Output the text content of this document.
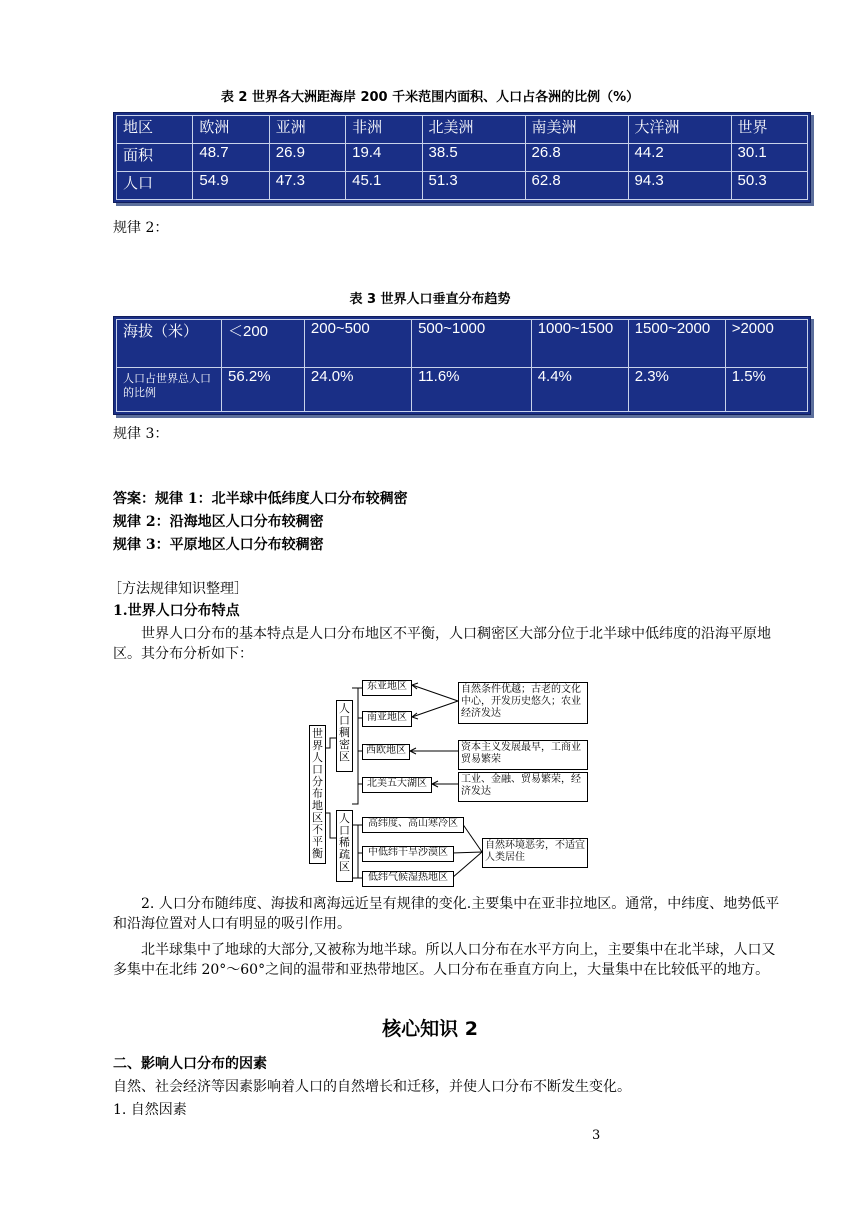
表 2 世界各大洲距海岸 200 千米范围内面积、人口占各洲的比例（%）
地区	欧洲	亚洲	非洲	北美洲	南美洲	大洋洲	世界
面积	48.7	26.9	19.4	38.5	26.8	44.2	30.1
人口	54.9	47.3	45.1	51.3	62.8	94.3	50.3
规律 2：
表 3 世界人口垂直分布趋势
海拔（米）	＜200	200~500	500~1000	1000~1500	1500~2000	>2000
人口占世界总人口的比例	56.2%	24.0%	11.6%	4.4%	2.3%	1.5%
规律 3：
答案：规律 1：北半球中低纬度人口分布较稠密
规律 2：沿海地区人口分布较稠密
规律 3：平原地区人口分布较稠密
［方法规律知识整理］
1.世界人口分布特点
世界人口分布的基本特点是人口分布地区不平衡，人口稠密区大部分位于北半球中低纬度的沿海平原地区。其分布分析如下：
世界人口分布地区不平衡
人口稠密区
人口稀疏区
东亚地区
南亚地区
西欧地区
北美五大湖区
高纬度、高山寒冷区
中低纬干旱沙漠区
低纬气候湿热地区
自然条件优越；古老的文化中心，开发历史悠久；农业经济发达
资本主义发展最早，工商业贸易繁荣
工业、金融、贸易繁荣，经济发达
自然环境恶劣，不适宜人类居住
2. 人口分布随纬度、海拔和离海远近呈有规律的变化.主要集中在亚非拉地区。通常，中纬度、地势低平和沿海位置对人口有明显的吸引作用。
北半球集中了地球的大部分,又被称为地半球。所以人口分布在水平方向上，主要集中在北半球，人口又多集中在北纬 20°～60°之间的温带和亚热带地区。人口分布在垂直方向上，大量集中在比较低平的地方。
核心知识 2
二、影响人口分布的因素
自然、社会经济等因素影响着人口的自然增长和迁移，并使人口分布不断发生变化。
1. 自然因素
3
